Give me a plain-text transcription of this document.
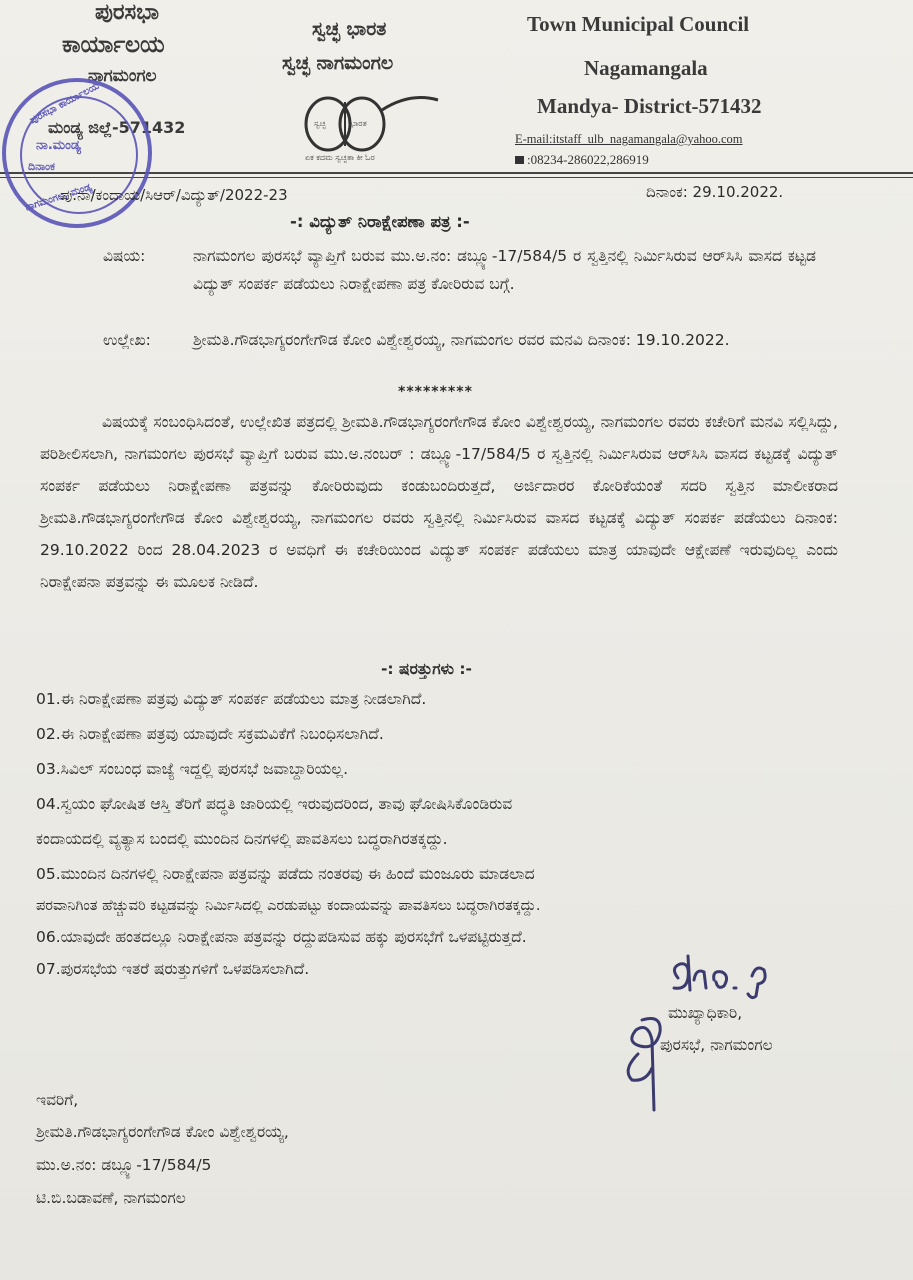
ಪುರಸಭಾ
ಕಾರ್ಯಾಲಯ
ನಾಗಮಂಗಲ
ಮಂಡ್ಯ ಜಿಲ್ಲೆ-571432
ಸ್ವಚ್ಛ ಭಾರತ
ಸ್ವಚ್ಛ ನಾಗಮಂಗಲ
ಸ್ವಚ್ಛ	ಭಾರತ
ಏಕ ಕದಮ ಸ್ವಚ್ಛತಾ ಕೀ ಓರ
Town Municipal Council
Nagamangala
Mandya- District-571432
E-mail:itstaff_ulb_nagamangala@yahoo.com
:08234-286022,286919
ಪುರಸಭಾ ಕಾರ್ಯಾಲಯ
ನಾ.ಮಂಡ್ಯ
ದಿನಾಂಕ
ನಾಗಮಂಗಲ, ಮಂಡ್ಯ
ಪು.ನಾ/ಕಂದಾಯ/ಸಿಆರ್/ವಿದ್ಯುತ್/2022-23	ದಿನಾಂಕ: 29.10.2022.
-: ವಿದ್ಯುತ್ ನಿರಾಕ್ಷೇಪಣಾ ಪತ್ರ :-
ವಿಷಯ:	ನಾಗಮಂಗಲ ಪುರಸಭೆ ವ್ಯಾಪ್ತಿಗೆ ಬರುವ ಮು.ಅ.ನಂ: ಡಬ್ಲ್ಯೂ-17/584/5 ರ ಸ್ವತ್ತಿನಲ್ಲಿ ನಿರ್ಮಿಸಿರುವ ಆರ್‌ಸಿಸಿ ವಾಸದ ಕಟ್ಟಡ ವಿದ್ಯುತ್ ಸಂಪರ್ಕ ಪಡೆಯಲು ನಿರಾಕ್ಷೇಪಣಾ ಪತ್ರ ಕೋರಿರುವ ಬಗ್ಗೆ.
ಉಲ್ಲೇಖ:	ಶ್ರೀಮತಿ.ಗೌಡಭಾಗ್ಯರಂಗೇಗೌಡ ಕೋಂ ವಿಶ್ವೇಶ್ವರಯ್ಯ, ನಾಗಮಂಗಲ ರವರ ಮನವಿ ದಿನಾಂಕ: 19.10.2022.
*********
ವಿಷಯಕ್ಕೆ ಸಂಬಂಧಿಸಿದಂತೆ, ಉಲ್ಲೇಖಿತ ಪತ್ರದಲ್ಲಿ ಶ್ರೀಮತಿ.ಗೌಡಭಾಗ್ಯರಂಗೇಗೌಡ ಕೋಂ ವಿಶ್ವೇಶ್ವರಯ್ಯ, ನಾಗಮಂಗಲ ರವರು ಕಚೇರಿಗೆ ಮನವಿ ಸಲ್ಲಿಸಿದ್ದು, ಪರಿಶೀಲಿಸಲಾಗಿ, ನಾಗಮಂಗಲ ಪುರಸಭೆ ವ್ಯಾಪ್ತಿಗೆ ಬರುವ ಮು.ಅ.ನಂಬರ್ : ಡಬ್ಲ್ಯೂ-17/584/5 ರ ಸ್ವತ್ತಿನಲ್ಲಿ ನಿರ್ಮಿಸಿರುವ ಆರ್‌ಸಿಸಿ ವಾಸದ ಕಟ್ಟಡಕ್ಕೆ ವಿದ್ಯುತ್ ಸಂಪರ್ಕ ಪಡೆಯಲು ನಿರಾಕ್ಷೇಪಣಾ ಪತ್ರವನ್ನು ಕೋರಿರುವುದು ಕಂಡುಬಂದಿರುತ್ತದೆ, ಅರ್ಜಿದಾರರ ಕೋರಿಕೆಯಂತೆ ಸದರಿ ಸ್ವತ್ತಿನ ಮಾಲೀಕರಾದ ಶ್ರೀಮತಿ.ಗೌಡಭಾಗ್ಯರಂಗೇಗೌಡ ಕೋಂ ವಿಶ್ವೇಶ್ವರಯ್ಯ, ನಾಗಮಂಗಲ ರವರು ಸ್ವತ್ತಿನಲ್ಲಿ ನಿರ್ಮಿಸಿರುವ ವಾಸದ ಕಟ್ಟಡಕ್ಕೆ ವಿದ್ಯುತ್ ಸಂಪರ್ಕ ಪಡೆಯಲು ದಿನಾಂಕ: 29.10.2022 ರಿಂದ 28.04.2023 ರ ಅವಧಿಗೆ ಈ ಕಚೇರಿಯಿಂದ ವಿದ್ಯುತ್ ಸಂಪರ್ಕ ಪಡೆಯಲು ಮಾತ್ರ ಯಾವುದೇ ಆಕ್ಷೇಪಣೆ ಇರುವುದಿಲ್ಲ ಎಂದು ನಿರಾಕ್ಷೇಪನಾ ಪತ್ರವನ್ನು ಈ ಮೂಲಕ ನೀಡಿದೆ.
-: ಷರತ್ತುಗಳು :-
01.ಈ ನಿರಾಕ್ಷೇಪಣಾ ಪತ್ರವು ವಿದ್ಯುತ್ ಸಂಪರ್ಕ ಪಡೆಯಲು ಮಾತ್ರ ನೀಡಲಾಗಿದೆ.
02.ಈ ನಿರಾಕ್ಷೇಪಣಾ ಪತ್ರವು ಯಾವುದೇ ಸಕ್ರಮವಿಕೆಗೆ ನಿಬಂಧಿಸಲಾಗಿದೆ.
03.ಸಿವಿಲ್ ಸಂಬಂಧ ವಾಜ್ಯೆ ಇದ್ದಲ್ಲಿ ಪುರಸಭೆ ಜವಾಬ್ದಾರಿಯಲ್ಲ.
04.ಸ್ವಯಂ ಘೋಷಿತ ಆಸ್ತಿ ತೆರಿಗೆ ಪದ್ಧತಿ ಜಾರಿಯಲ್ಲಿ ಇರುವುದರಿಂದ, ತಾವು ಘೋಷಿಸಿಕೊಂಡಿರುವ
ಕಂದಾಯದಲ್ಲಿ ವ್ಯತ್ಯಾಸ ಬಂದಲ್ಲಿ ಮುಂದಿನ ದಿನಗಳಲ್ಲಿ ಪಾವತಿಸಲು ಬದ್ಧರಾಗಿರತಕ್ಕದ್ದು.
05.ಮುಂದಿನ ದಿನಗಳಲ್ಲಿ ನಿರಾಕ್ಷೇಪನಾ ಪತ್ರವನ್ನು ಪಡೆದು ನಂತರವು ಈ ಹಿಂದೆ ಮಂಜೂರು ಮಾಡಲಾದ
ಪರವಾನಿಗಿಂತ ಹೆಚ್ಚುವರಿ ಕಟ್ಟಡವನ್ನು ನಿರ್ಮಿಸಿದಲ್ಲಿ ಎರಡುಪಟ್ಟು ಕಂದಾಯವನ್ನು ಪಾವತಿಸಲು ಬದ್ಧರಾಗಿರತಕ್ಕದ್ದು.
06.ಯಾವುದೇ ಹಂತದಲ್ಲೂ ನಿರಾಕ್ಷೇಪನಾ ಪತ್ರವನ್ನು ರದ್ದುಪಡಿಸುವ ಹಕ್ಕು ಪುರಸಭೆಗೆ ಒಳಪಟ್ಟಿರುತ್ತದೆ.
07.ಪುರಸಭೆಯ ಇತರೆ ಷರುತ್ತುಗಳಿಗೆ ಒಳಪಡಿಸಲಾಗಿದೆ.
ಮುಖ್ಯಾಧಿಕಾರಿ,
ಪುರಸಭೆ, ನಾಗಮಂಗಲ
ಇವರಿಗೆ,
ಶ್ರೀಮತಿ.ಗೌಡಭಾಗ್ಯರಂಗೇಗೌಡ ಕೋಂ ವಿಶ್ವೇಶ್ವರಯ್ಯ,
ಮು.ಅ.ನಂ: ಡಬ್ಲ್ಯೂ-17/584/5
ಟಿ.ಬಿ.ಬಡಾವಣೆ, ನಾಗಮಂಗಲ
